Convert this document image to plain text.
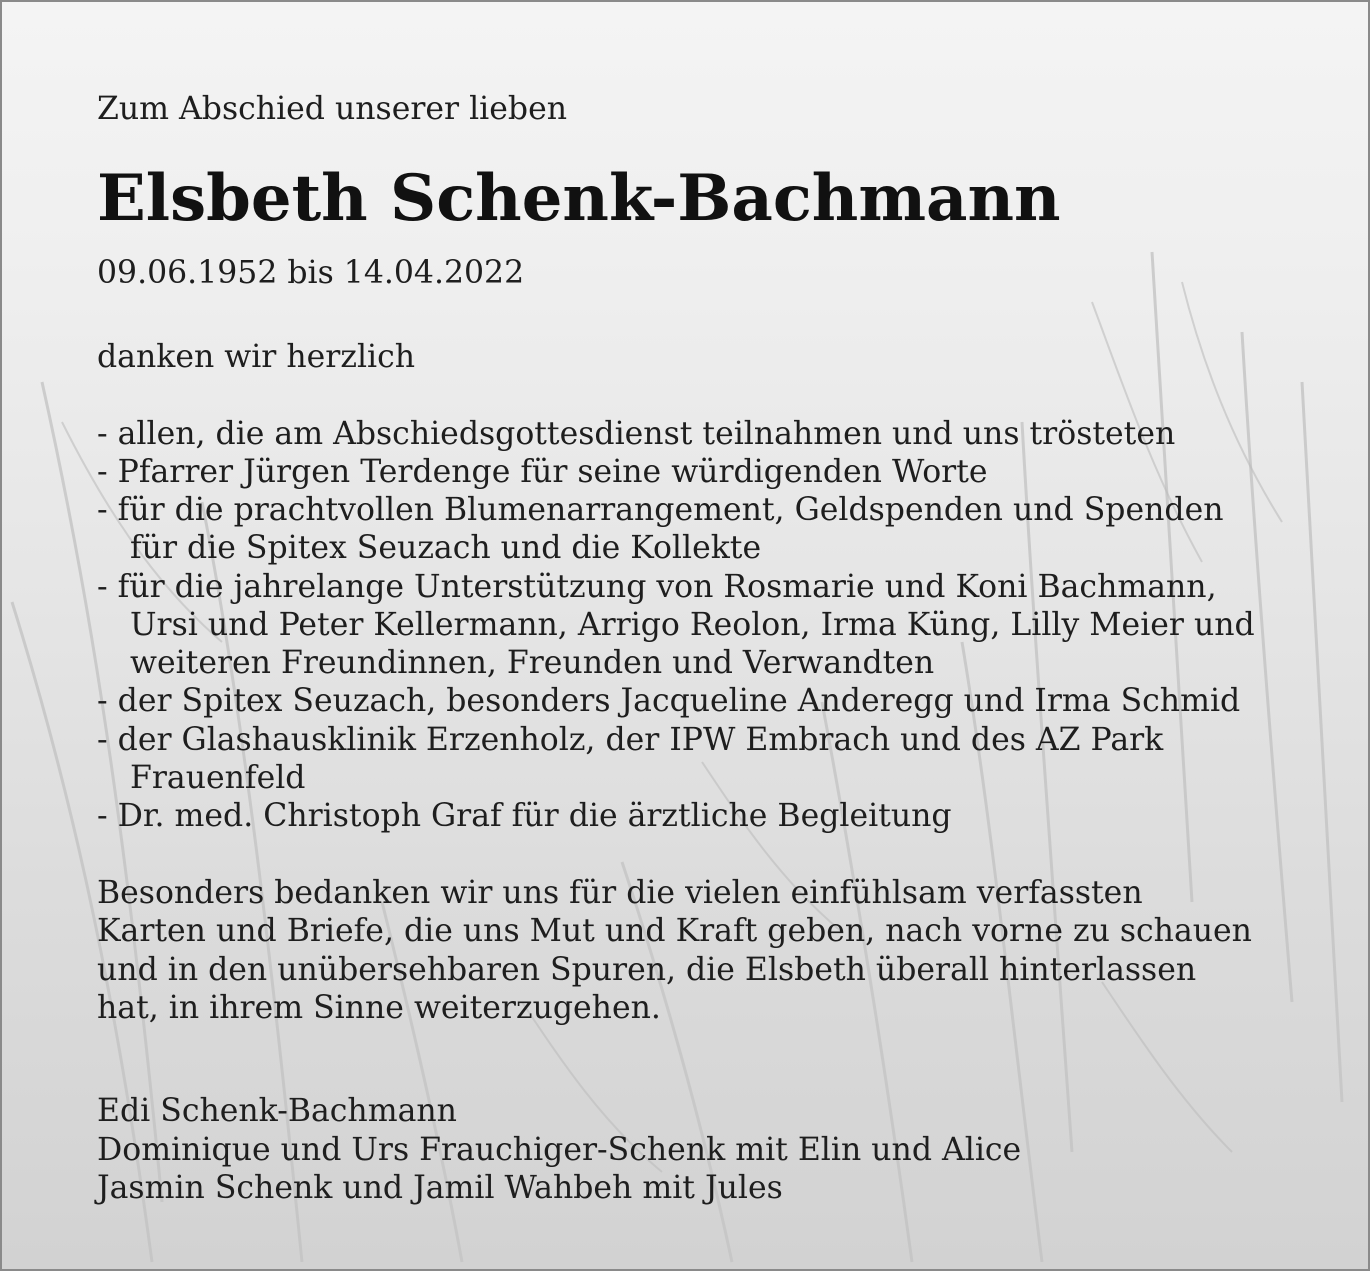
Zum Abschied unserer lieben
Elsbeth Schenk-Bachmann
09.06.1952 bis 14.04.2022
danken wir herzlich
- allen, die am Abschiedsgottesdienst teilnahmen und uns trösteten
- Pfarrer Jürgen Terdenge für seine würdigenden Worte
- für die prachtvollen Blumenarrangement, Geldspenden und Spenden
für die Spitex Seuzach und die Kollekte
- für die jahrelange Unterstützung von Rosmarie und Koni Bachmann,
Ursi und Peter Kellermann, Arrigo Reolon, Irma Küng, Lilly Meier und
weiteren Freundinnen, Freunden und Verwandten
- der Spitex Seuzach, besonders Jacqueline Anderegg und Irma Schmid
- der Glashausklinik Erzenholz, der IPW Embrach und des AZ Park
Frauenfeld
- Dr. med. Christoph Graf für die ärztliche Begleitung
Besonders bedanken wir uns für die vielen einfühlsam verfassten
Karten und Briefe, die uns Mut und Kraft geben, nach vorne zu schauen
und in den unübersehbaren Spuren, die Elsbeth überall hinterlassen
hat, in ihrem Sinne weiterzugehen.
Edi Schenk-Bachmann
Dominique und Urs Frauchiger-Schenk mit Elin und Alice
Jasmin Schenk und Jamil Wahbeh mit Jules
